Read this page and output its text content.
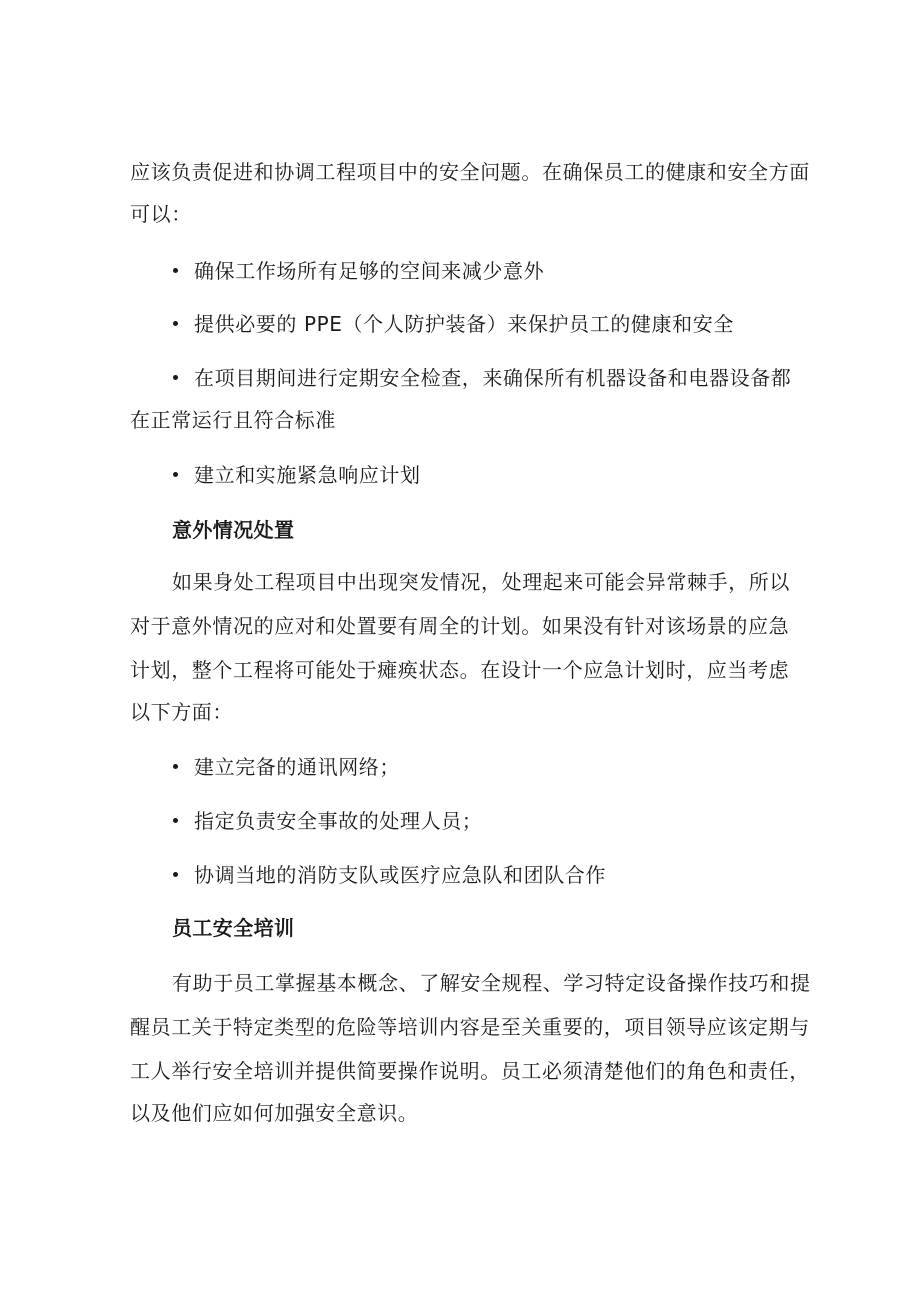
应该负责促进和协调工程项目中的安全问题。在确保员工的健康和安全方面
可以：
确保工作场所有足够的空间来减少意外
提供必要的 PPE（个人防护装备）来保护员工的健康和安全
在项目期间进行定期安全检查，来确保所有机器设备和电器设备都
在正常运行且符合标准
建立和实施紧急响应计划
意外情况处置
如果身处工程项目中出现突发情况，处理起来可能会异常棘手，所以
对于意外情况的应对和处置要有周全的计划。如果没有针对该场景的应急
计划，整个工程将可能处于瘫痪状态。在设计一个应急计划时，应当考虑
以下方面：
建立完备的通讯网络；
指定负责安全事故的处理人员；
协调当地的消防支队或医疗应急队和团队合作
员工安全培训
有助于员工掌握基本概念、了解安全规程、学习特定设备操作技巧和提
醒员工关于特定类型的危险等培训内容是至关重要的，项目领导应该定期与
工人举行安全培训并提供简要操作说明。员工必须清楚他们的角色和责任，
以及他们应如何加强安全意识。
